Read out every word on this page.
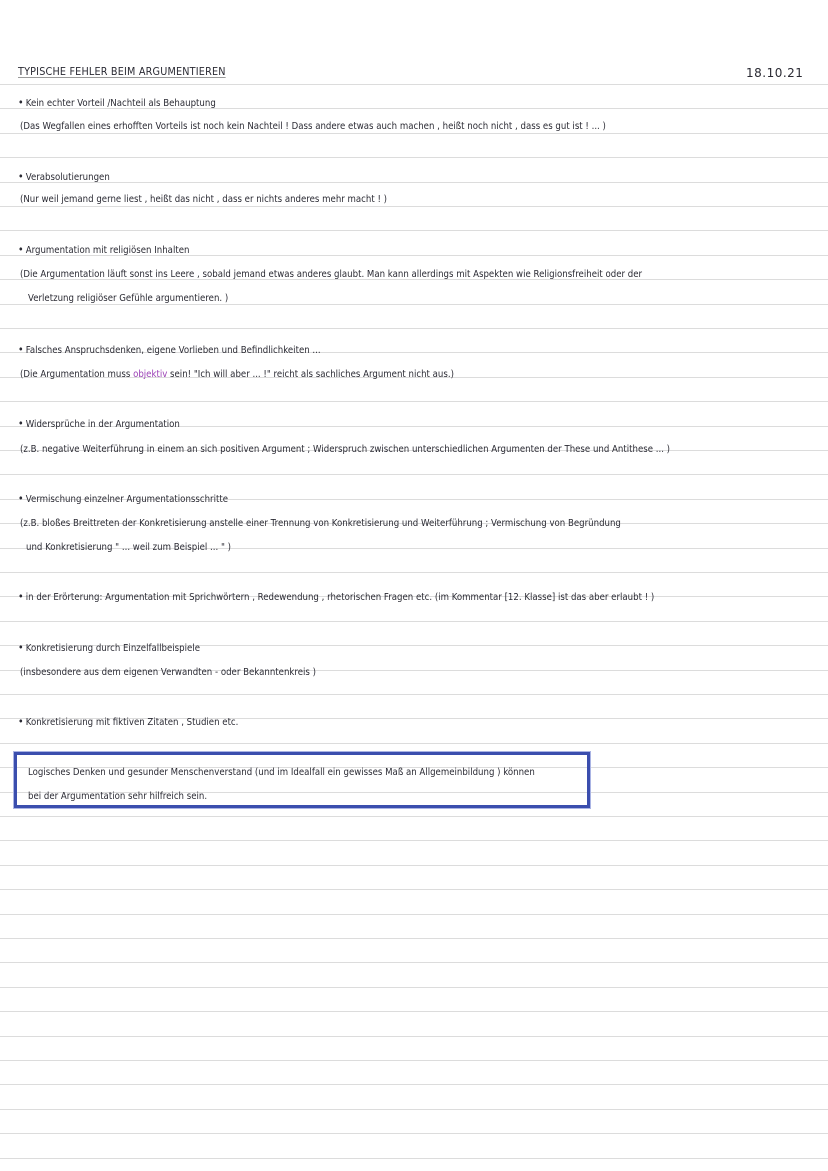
TYPISCHE FEHLER BEIM ARGUMENTIEREN	18.10.21
• Kein echter Vorteil /Nachteil als Behauptung
(Das Wegfallen eines erhofften Vorteils ist noch kein Nachteil ! Dass andere etwas auch machen , heißt noch nicht , dass es gut ist ! ... )
• Verabsolutierungen
(Nur weil jemand gerne liest , heißt das nicht , dass er nichts anderes mehr macht ! )
• Argumentation mit religiösen Inhalten
(Die Argumentation läuft sonst ins Leere , sobald jemand etwas anderes glaubt. Man kann allerdings mit Aspekten wie Religionsfreiheit oder der
Verletzung religiöser Gefühle argumentieren. )
• Falsches Anspruchsdenken, eigene Vorlieben und Befindlichkeiten ...
(Die Argumentation muss objektiv sein! "Ich will aber ... !" reicht als sachliches Argument nicht aus.)
• Widersprüche in der Argumentation
(z.B. negative Weiterführung in einem an sich positiven Argument ; Widerspruch zwischen unterschiedlichen Argumenten der These und Antithese ... )
• Vermischung einzelner Argumentationsschritte
(z.B. bloßes Breittreten der Konkretisierung anstelle einer Trennung von Konkretisierung und Weiterführung ; Vermischung von Begründung
und Konkretisierung " ... weil zum Beispiel ... " )
• in der Erörterung: Argumentation mit Sprichwörtern , Redewendung , rhetorischen Fragen etc. (im Kommentar [12. Klasse] ist das aber erlaubt ! )
• Konkretisierung durch Einzelfallbeispiele
(insbesondere aus dem eigenen Verwandten - oder Bekanntenkreis )
• Konkretisierung mit fiktiven Zitaten , Studien etc.
Logisches Denken und gesunder Menschenverstand (und im Idealfall ein gewisses Maß an Allgemeinbildung ) können
bei der Argumentation sehr hilfreich sein.
